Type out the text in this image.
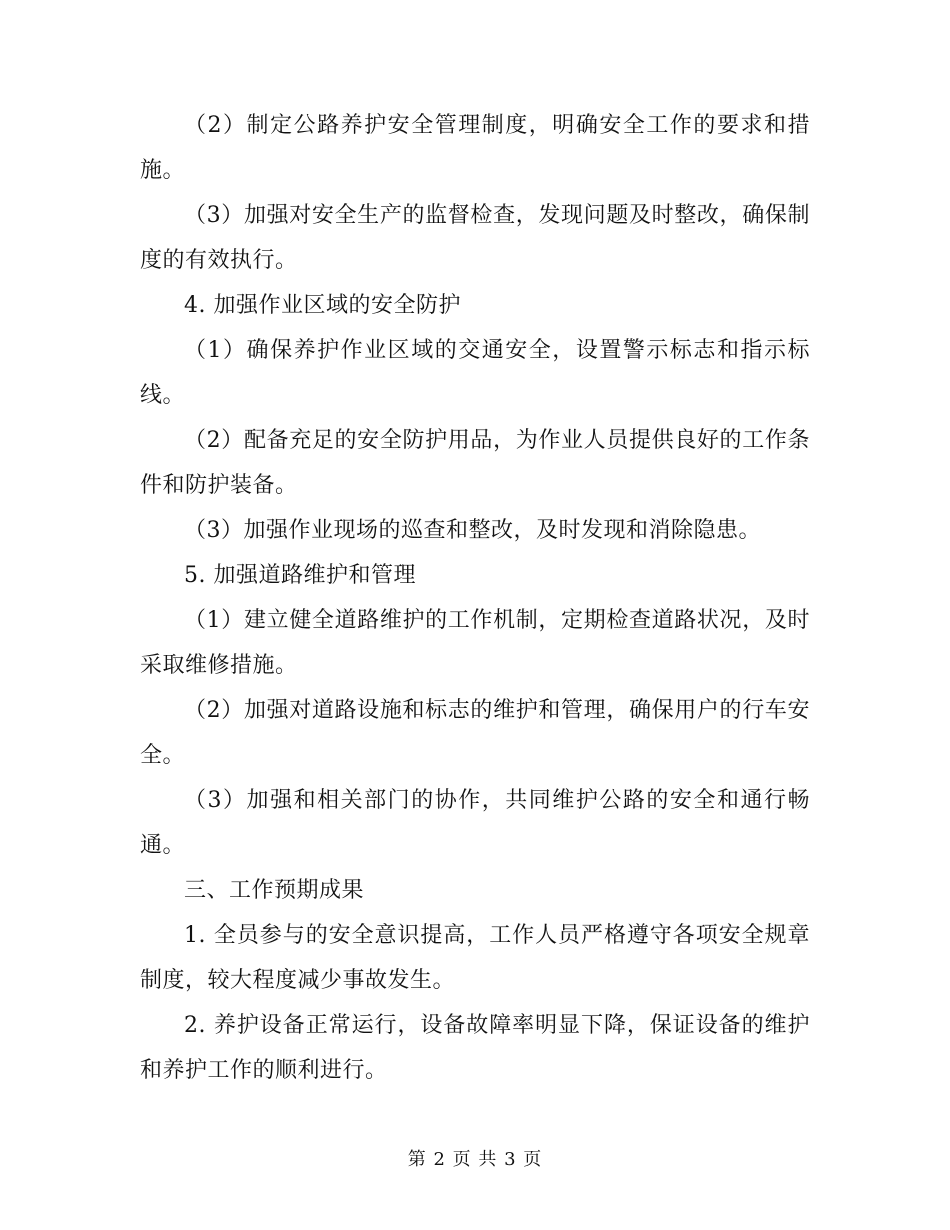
（2）制定公路养护安全管理制度，明确安全工作的要求和措施。

（3）加强对安全生产的监督检查，发现问题及时整改，确保制度的有效执行。

4. 加强作业区域的安全防护

（1）确保养护作业区域的交通安全，设置警示标志和指示标线。

（2）配备充足的安全防护用品，为作业人员提供良好的工作条件和防护装备。

（3）加强作业现场的巡查和整改，及时发现和消除隐患。

5. 加强道路维护和管理

（1）建立健全道路维护的工作机制，定期检查道路状况，及时采取维修措施。

（2）加强对道路设施和标志的维护和管理，确保用户的行车安全。

（3）加强和相关部门的协作，共同维护公路的安全和通行畅通。

三、工作预期成果

1. 全员参与的安全意识提高，工作人员严格遵守各项安全规章制度，较大程度减少事故发生。

2. 养护设备正常运行，设备故障率明显下降，保证设备的维护和养护工作的顺利进行。

第 2 页 共 3 页
